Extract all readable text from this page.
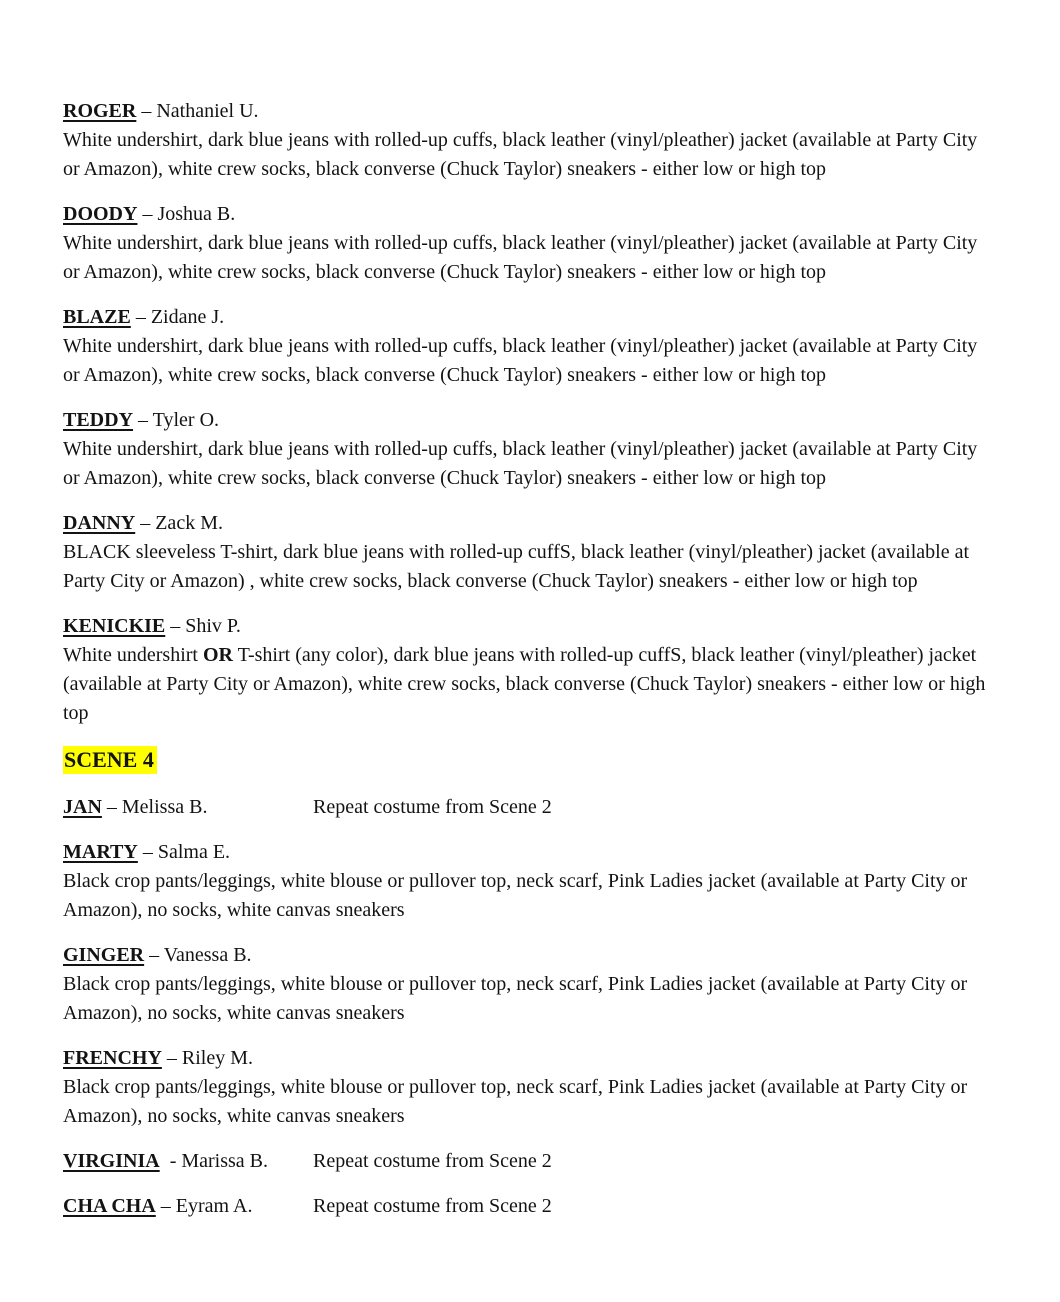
ROGER – Nathaniel U.
White undershirt, dark blue jeans with rolled-up cuffs, black leather (vinyl/pleather) jacket (available at Party City or Amazon), white crew socks, black converse (Chuck Taylor) sneakers - either low or high top
DOODY – Joshua B.
White undershirt, dark blue jeans with rolled-up cuffs, black leather (vinyl/pleather) jacket (available at Party City or Amazon), white crew socks, black converse (Chuck Taylor) sneakers - either low or high top
BLAZE – Zidane J.
White undershirt, dark blue jeans with rolled-up cuffs, black leather (vinyl/pleather) jacket (available at Party City or Amazon), white crew socks, black converse (Chuck Taylor) sneakers - either low or high top
TEDDY – Tyler O.
White undershirt, dark blue jeans with rolled-up cuffs, black leather (vinyl/pleather) jacket (available at Party City or Amazon), white crew socks, black converse (Chuck Taylor) sneakers - either low or high top
DANNY – Zack M.
BLACK sleeveless T-shirt, dark blue jeans with rolled-up cuffS, black leather (vinyl/pleather) jacket (available at Party City or Amazon) , white crew socks, black converse (Chuck Taylor) sneakers - either low or high top
KENICKIE – Shiv P.
White undershirt OR T-shirt (any color), dark blue jeans with rolled-up cuffS, black leather (vinyl/pleather) jacket (available at Party City or Amazon), white crew socks, black converse (Chuck Taylor) sneakers - either low or high top
SCENE 4
JAN – Melissa B.	Repeat costume from Scene 2
MARTY – Salma E.
Black crop pants/leggings, white blouse or pullover top, neck scarf, Pink Ladies jacket (available at Party City or Amazon), no socks, white canvas sneakers
GINGER – Vanessa B.
Black crop pants/leggings, white blouse or pullover top, neck scarf, Pink Ladies jacket (available at Party City or Amazon), no socks, white canvas sneakers
FRENCHY – Riley M.
Black crop pants/leggings, white blouse or pullover top, neck scarf, Pink Ladies jacket (available at Party City or Amazon), no socks, white canvas sneakers
VIRGINIA  - Marissa B.	Repeat costume from Scene 2
CHA CHA – Eyram A.	Repeat costume from Scene 2
